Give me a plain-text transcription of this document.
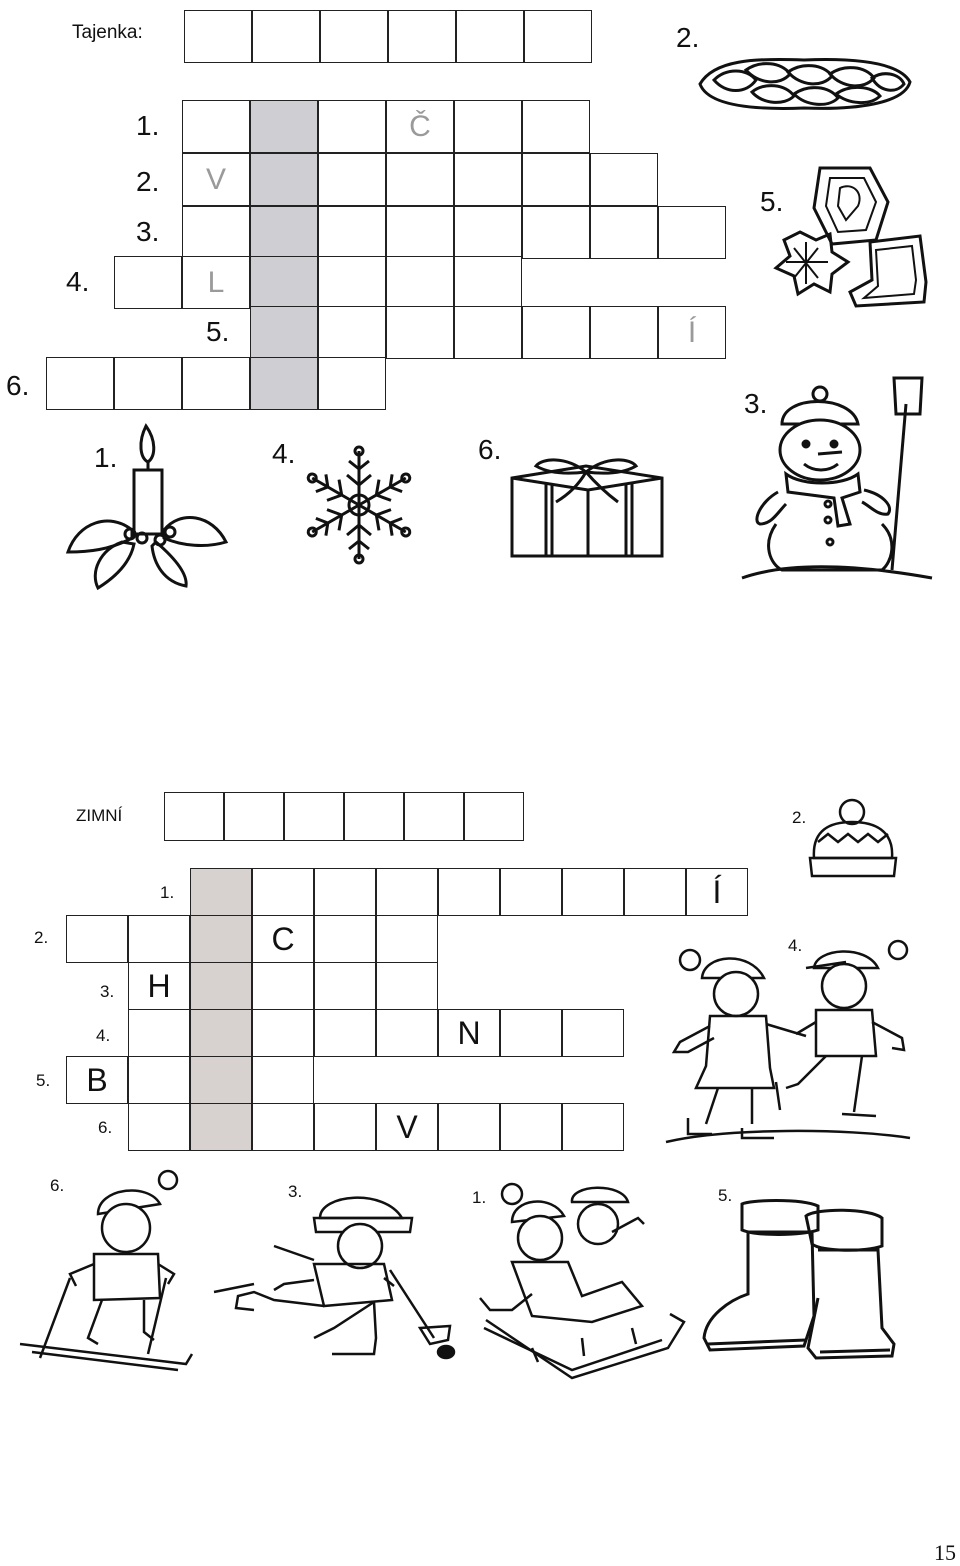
Tajenka:
1.
2.
3.
4.
5.
6.
Č
V
L
Í
2.
5.
1.	4.	6.
3.
ZIMNÍ
1.
2.
3.
4.
5.
6.
Í
C
H
N
B
V
2.
4.
6.	3.	1.	5.
15
